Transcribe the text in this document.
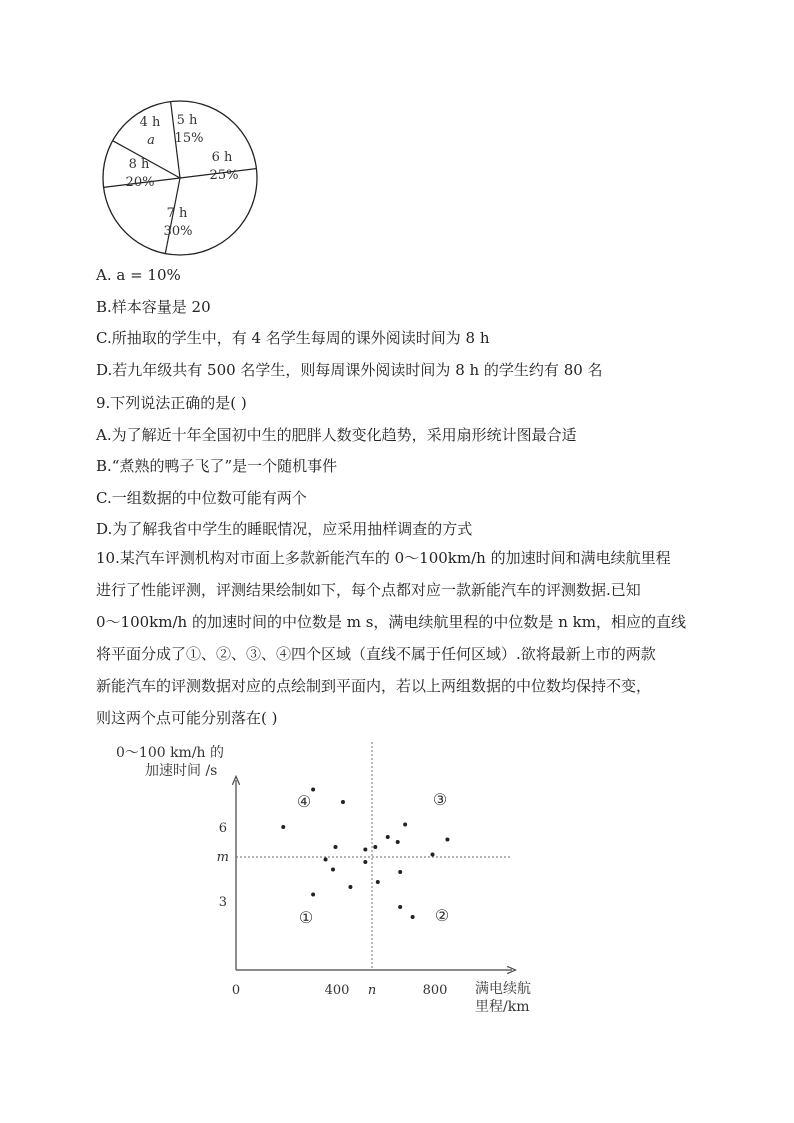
4 h
a
5 h
15%
6 h
25%
7 h
30%
8 h
20%
A. a = 10%
B.样本容量是 20
C.所抽取的学生中，有 4 名学生每周的课外阅读时间为 8 h
D.若九年级共有 500 名学生，则每周课外阅读时间为 8 h 的学生约有 80 名
9.下列说法正确的是( )
A.为了解近十年全国初中生的肥胖人数变化趋势，采用扇形统计图最合适
B.“煮熟的鸭子飞了”是一个随机事件
C.一组数据的中位数可能有两个
D.为了解我省中学生的睡眠情况，应采用抽样调查的方式
10.某汽车评测机构对市面上多款新能汽车的 0～100km/h 的加速时间和满电续航里程
进行了性能评测，评测结果绘制如下，每个点都对应一款新能汽车的评测数据.已知
0～100km/h 的加速时间的中位数是 m s，满电续航里程的中位数是 n km，相应的直线
将平面分成了①、②、③、④四个区域（直线不属于任何区域）.欲将最新上市的两款
新能汽车的评测数据对应的点绘制到平面内，若以上两组数据的中位数均保持不变，
则这两个点可能分别落在( )
0～100 km/h 的
加速时间 /s
满电续航
里程/km
0	400	800
n
6
3
m
①	②
③
④
